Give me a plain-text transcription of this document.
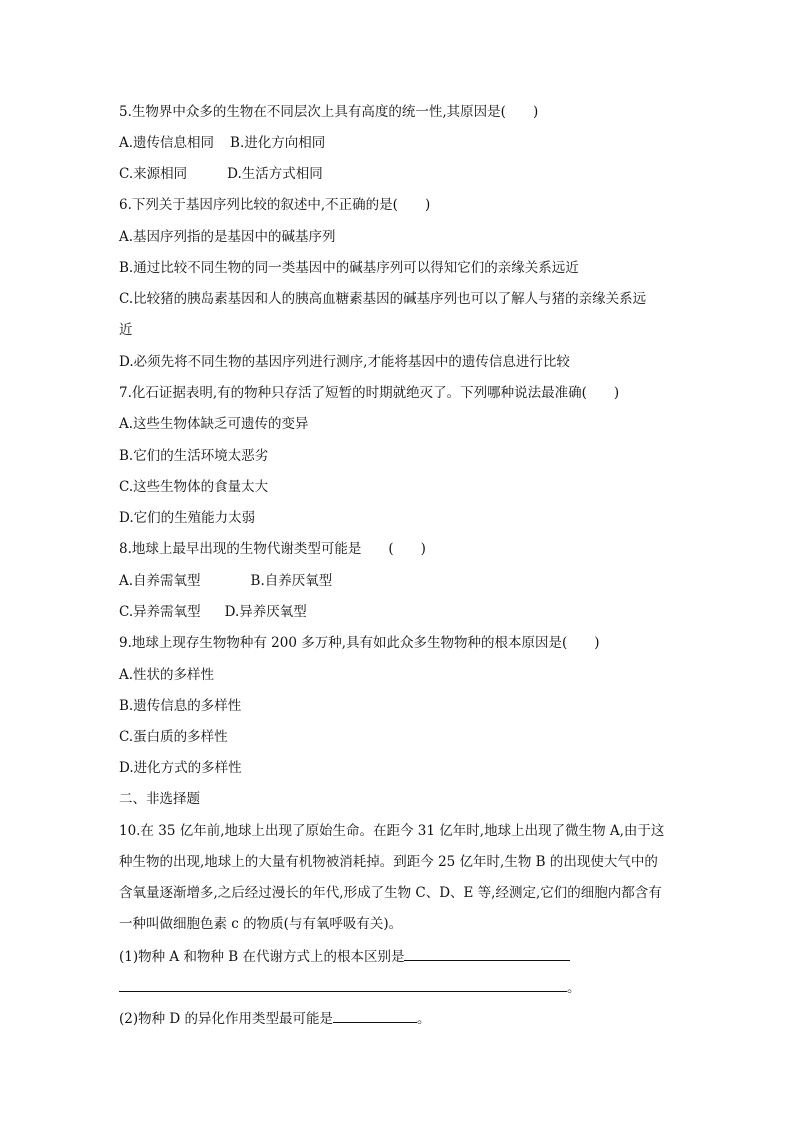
5.生物界中众多的生物在不同层次上具有高度的统一性,其原因是(　　)
A.遗传信息相同 B.进化方向相同
C.来源相同	D.生活方式相同
6.下列关于基因序列比较的叙述中,不正确的是(　　)
A.基因序列指的是基因中的碱基序列
B.通过比较不同生物的同一类基因中的碱基序列可以得知它们的亲缘关系远近
C.比较猪的胰岛素基因和人的胰高血糖素基因的碱基序列也可以了解人与猪的亲缘关系远
近
D.必须先将不同生物的基因序列进行测序,才能将基因中的遗传信息进行比较
7.化石证据表明,有的物种只存活了短暂的时期就绝灭了。下列哪种说法最准确(　　)
A.这些生物体缺乏可遗传的变异
B.它们的生活环境太恶劣
C.这些生物体的食量太大
D.它们的生殖能力太弱
8.地球上最早出现的生物代谢类型可能是　　(　　)
A.自养需氧型	B.自养厌氧型
C.异养需氧型 D.异养厌氧型
9.地球上现存生物物种有 200 多万种,具有如此众多生物物种的根本原因是(　　)
A.性状的多样性
B.遗传信息的多样性
C.蛋白质的多样性
D.进化方式的多样性
二、非选择题
10.在 35 亿年前,地球上出现了原始生命。在距今 31 亿年时,地球上出现了微生物 A,由于这
种生物的出现,地球上的大量有机物被消耗掉。到距今 25 亿年时,生物 B 的出现使大气中的
含氧量逐渐增多,之后经过漫长的年代,形成了生物 C、D、E 等,经测定,它们的细胞内都含有
一种叫做细胞色素 c 的物质(与有氧呼吸有关)。
(1)物种 A 和物种 B 在代谢方式上的根本区别是
。
(2)物种 D 的异化作用类型最可能是	。
